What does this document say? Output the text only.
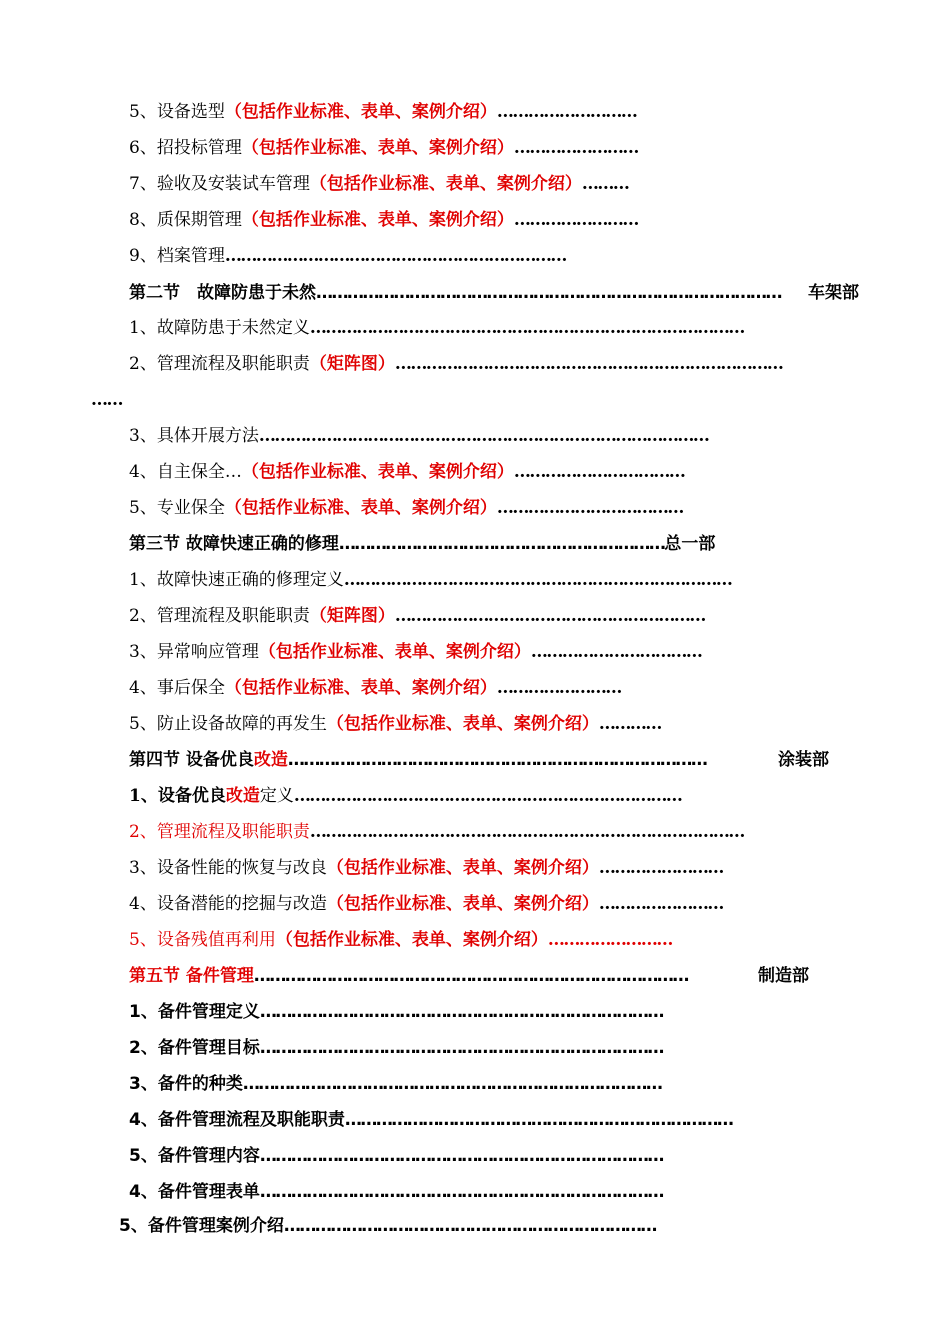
5、设备选型（包括作业标准、表单、案例介绍）………………………
6、招投标管理（包括作业标准、表单、案例介绍）……………………
7、验收及安装试车管理（包括作业标准、表单、案例介绍）………
8、质保期管理（包括作业标准、表单、案例介绍）……………………
9、档案管理…………………………………………………………
第二节　故障防患于未然……………………………………………………………………………… 车架部
1、故障防患于未然定义…………………………………………………………………………
2、管理流程及职能职责（矩阵图）…………………………………………………………………
……
3、具体开展方法……………………………………………………………………………
4、自主保全…（包括作业标准、表单、案例介绍）……………………………
5、专业保全（包括作业标准、表单、案例介绍）………………………………
第三节 故障快速正确的修理………………………………………………………总一部
1、故障快速正确的修理定义…………………………………………………………………
2、管理流程及职能职责（矩阵图）……………………………………………………
3、异常响应管理（包括作业标准、表单、案例介绍）……………………………
4、事后保全（包括作业标准、表单、案例介绍）……………………
5、防止设备故障的再发生（包括作业标准、表单、案例介绍）…………
第四节 设备优良改造………………………………………………………………………	涂装部
1、设备优良改造定义…………………………………………………………………
2、管理流程及职能职责…………………………………………………………………………
3、设备性能的恢复与改良（包括作业标准、表单、案例介绍）……………………
4、设备潜能的挖掘与改造（包括作业标准、表单、案例介绍）……………………
5、设备残值再利用（包括作业标准、表单、案例介绍）……………………
第五节 备件管理…………………………………………………………………………	制造部
1、备件管理定义……………………………………………………………………
2、备件管理目标……………………………………………………………………
3、备件的种类………………………………………………………………………
4、备件管理流程及职能职责…………………………………………………………………
5、备件管理内容……………………………………………………………………
4、备件管理表单……………………………………………………………………
5、备件管理案例介绍………………………………………………………………
